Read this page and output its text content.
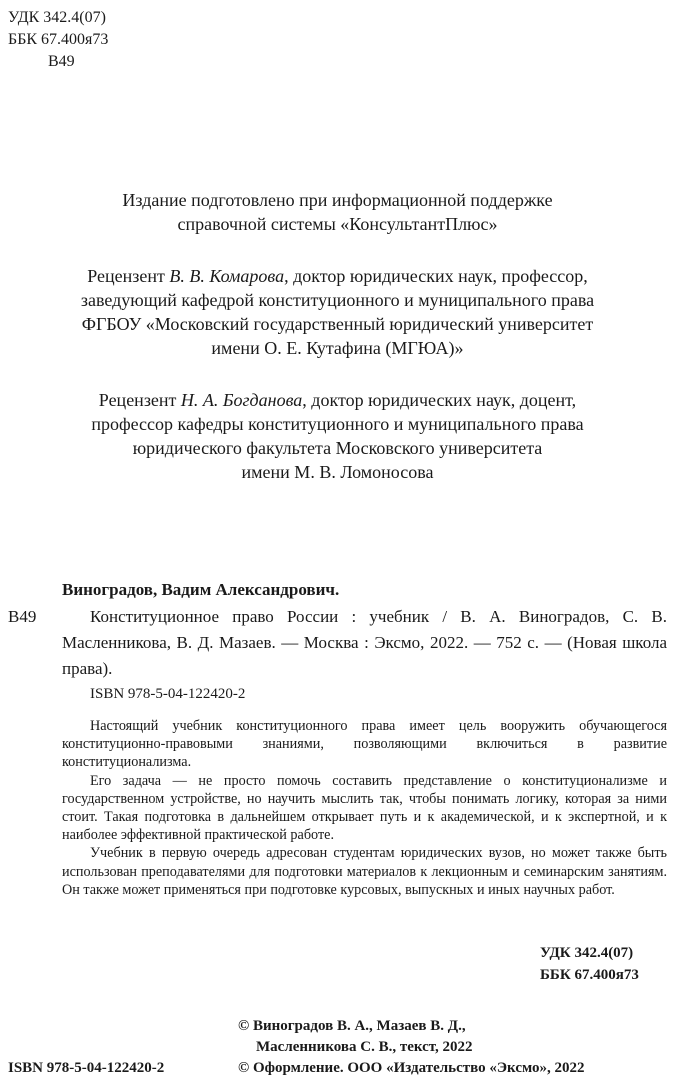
УДК 342.4(07)
ББК 67.400я73
В49
Издание подготовлено при информационной поддержке
справочной системы «КонсультантПлюс»
Рецензент В. В. Комарова, доктор юридических наук, профессор,
заведующий кафедрой конституционного и муниципального права
ФГБОУ «Московский государственный юридический университет
имени О. Е. Кутафина (МГЮА)»
Рецензент Н. А. Богданова, доктор юридических наук, доцент,
профессор кафедры конституционного и муниципального права
юридического факультета Московского университета
имени М. В. Ломоносова
Виноградов, Вадим Александрович.
В49	Конституционное право России : учебник / В. А. Виноградов, С. В. Масленникова, В. Д. Мазаев. — Москва : Эксмо, 2022. — 752 с. — (Новая школа права).
ISBN 978-5-04-122420-2

Настоящий учебник конституционного права имеет цель вооружить обучающегося конституционно-правовыми знаниями, позволяющими включиться в развитие конституционализма.

Его задача — не просто помочь составить представление о конституционализме и государственном устройстве, но научить мыслить так, чтобы понимать логику, которая за ними стоит. Такая подготовка в дальнейшем открывает путь и к академической, и к экспертной, и к наиболее эффективной практической работе.

Учебник в первую очередь адресован студентам юридических вузов, но может также быть использован преподавателями для подготовки материалов к лекционным и семинарским занятиям. Он также может применяться при подготовке курсовых, выпускных и иных научных работ.

УДК 342.4(07)
ББК 67.400я73
© Виноградов В. А., Мазаев В. Д.,
Масленникова С. В., текст, 2022
© Оформление. ООО «Издательство «Эксмо», 2022
ISBN 978-5-04-122420-2
